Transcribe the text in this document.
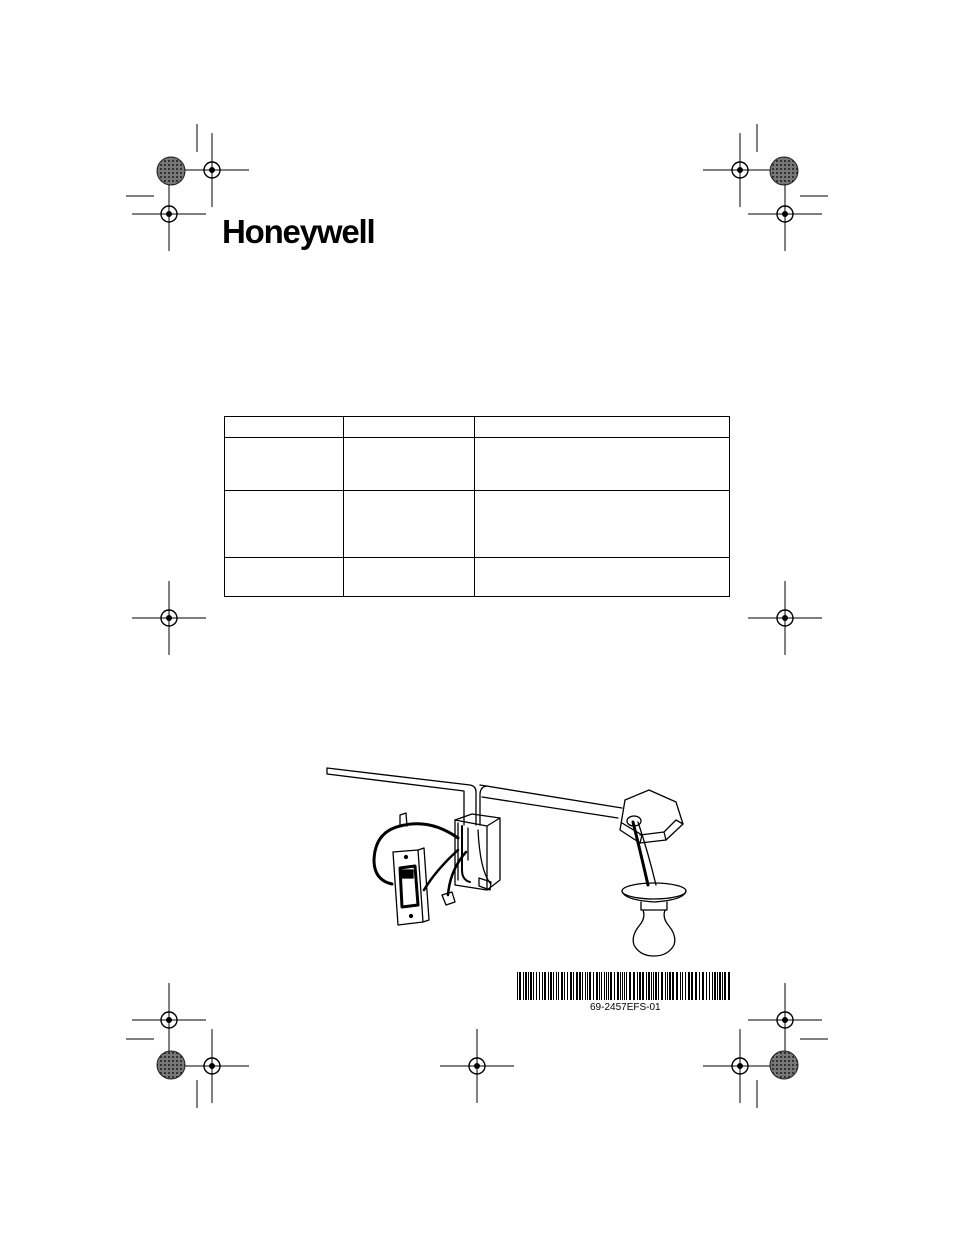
Honeywell

69-2457EFS-01
